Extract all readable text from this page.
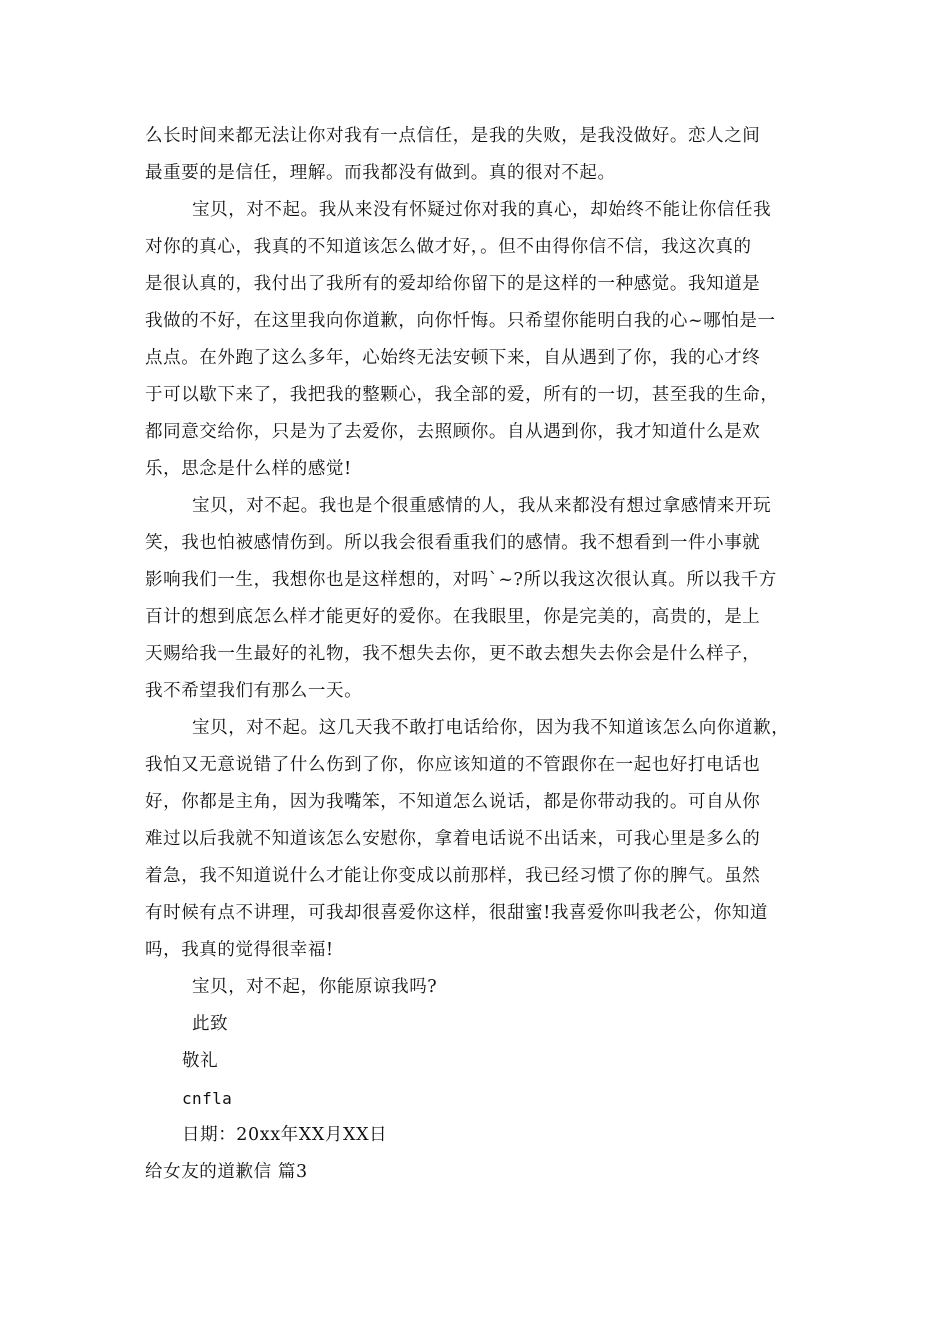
么长时间来都无法让你对我有一点信任，是我的失败，是我没做好。恋人之间
最重要的是信任，理解。而我都没有做到。真的很对不起。
宝贝，对不起。我从来没有怀疑过你对我的真心，却始终不能让你信任我
对你的真心，我真的不知道该怎么做才好，。但不由得你信不信，我这次真的
是很认真的，我付出了我所有的爱却给你留下的是这样的一种感觉。我知道是
我做的不好，在这里我向你道歉，向你忏悔。只希望你能明白我的心~哪怕是一
点点。在外跑了这么多年，心始终无法安顿下来，自从遇到了你，我的心才终
于可以歇下来了，我把我的整颗心，我全部的爱，所有的一切，甚至我的生命，
都同意交给你，只是为了去爱你，去照顾你。自从遇到你，我才知道什么是欢
乐，思念是什么样的感觉!
宝贝，对不起。我也是个很重感情的人，我从来都没有想过拿感情来开玩
笑，我也怕被感情伤到。所以我会很看重我们的感情。我不想看到一件小事就
影响我们一生，我想你也是这样想的，对吗`~?所以我这次很认真。所以我千方
百计的想到底怎么样才能更好的爱你。在我眼里，你是完美的，高贵的，是上
天赐给我一生最好的礼物，我不想失去你，更不敢去想失去你会是什么样子，
我不希望我们有那么一天。
宝贝，对不起。这几天我不敢打电话给你，因为我不知道该怎么向你道歉，
我怕又无意说错了什么伤到了你，你应该知道的不管跟你在一起也好打电话也
好，你都是主角，因为我嘴笨，不知道怎么说话，都是你带动我的。可自从你
难过以后我就不知道该怎么安慰你，拿着电话说不出话来，可我心里是多么的
着急，我不知道说什么才能让你变成以前那样，我已经习惯了你的脾气。虽然
有时候有点不讲理，可我却很喜爱你这样，很甜蜜!我喜爱你叫我老公，你知道
吗，我真的觉得很幸福!
宝贝，对不起，你能原谅我吗?
此致
敬礼
cnfla
日期：20xx年XX月XX日
给女友的道歉信 篇3
